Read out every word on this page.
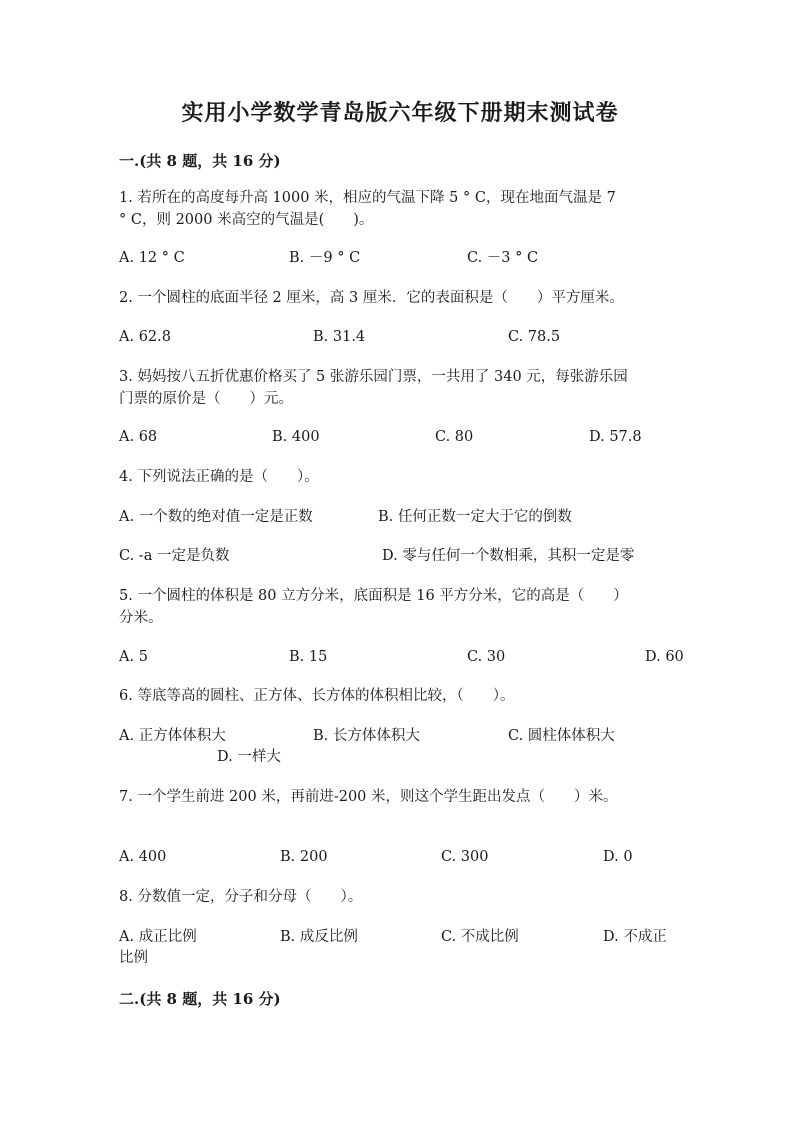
实用小学数学青岛版六年级下册期末测试卷
一.(共 8 题，共 16 分)
1. 若所在的高度每升高 1000 米，相应的气温下降 5 ° C，现在地面气温是 7
° C，则 2000 米高空的气温是(　　)。
A. 12 ° C	B. －9 ° C	C. －3 ° C
2. 一个圆柱的底面半径 2 厘米，高 3 厘米．它的表面积是（　　）平方厘米。
A. 62.8	B. 31.4	C. 78.5
3. 妈妈按八五折优惠价格买了 5 张游乐园门票，一共用了 340 元，每张游乐园
门票的原价是（　　）元。
A. 68	B. 400	C. 80	D. 57.8
4. 下列说法正确的是（　　）。
A. 一个数的绝对值一定是正数	B. 任何正数一定大于它的倒数
C. -a 一定是负数	D. 零与任何一个数相乘，其积一定是零
5. 一个圆柱的体积是 80 立方分米，底面积是 16 平方分米，它的高是（　　）
分米。
A. 5	B. 15	C. 30	D. 60
6. 等底等高的圆柱、正方体、长方体的体积相比较，（　　）。
A. 正方体体积大	B. 长方体体积大	C. 圆柱体体积大
D. 一样大
7. 一个学生前进 200 米，再前进-200 米，则这个学生距出发点（　　）米。
A. 400	B. 200	C. 300	D. 0
8. 分数值一定，分子和分母（　　）。
A. 成正比例	B. 成反比例	C. 不成比例	D. 不成正
比例
二.(共 8 题，共 16 分)
